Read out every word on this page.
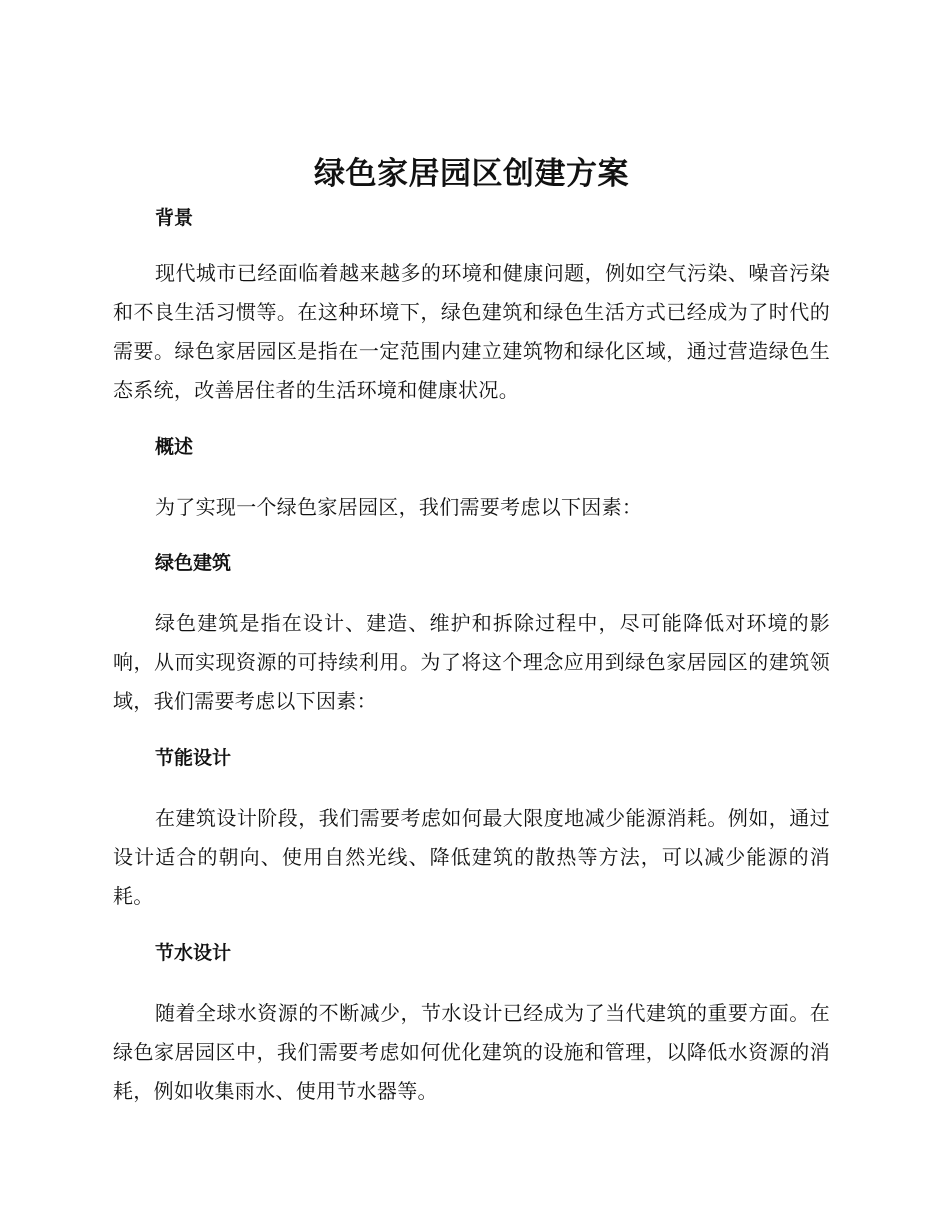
绿色家居园区创建方案
背景

现代城市已经面临着越来越多的环境和健康问题，例如空气污染、噪音污染和不良生活习惯等。在这种环境下，绿色建筑和绿色生活方式已经成为了时代的需要。绿色家居园区是指在一定范围内建立建筑物和绿化区域，通过营造绿色生态系统，改善居住者的生活环境和健康状况。

概述

为了实现一个绿色家居园区，我们需要考虑以下因素：

绿色建筑

绿色建筑是指在设计、建造、维护和拆除过程中，尽可能降低对环境的影响，从而实现资源的可持续利用。为了将这个理念应用到绿色家居园区的建筑领域，我们需要考虑以下因素：

节能设计

在建筑设计阶段，我们需要考虑如何最大限度地减少能源消耗。例如，通过设计适合的朝向、使用自然光线、降低建筑的散热等方法，可以减少能源的消耗。

节水设计

随着全球水资源的不断减少，节水设计已经成为了当代建筑的重要方面。在绿色家居园区中，我们需要考虑如何优化建筑的设施和管理，以降低水资源的消耗，例如收集雨水、使用节水器等。
